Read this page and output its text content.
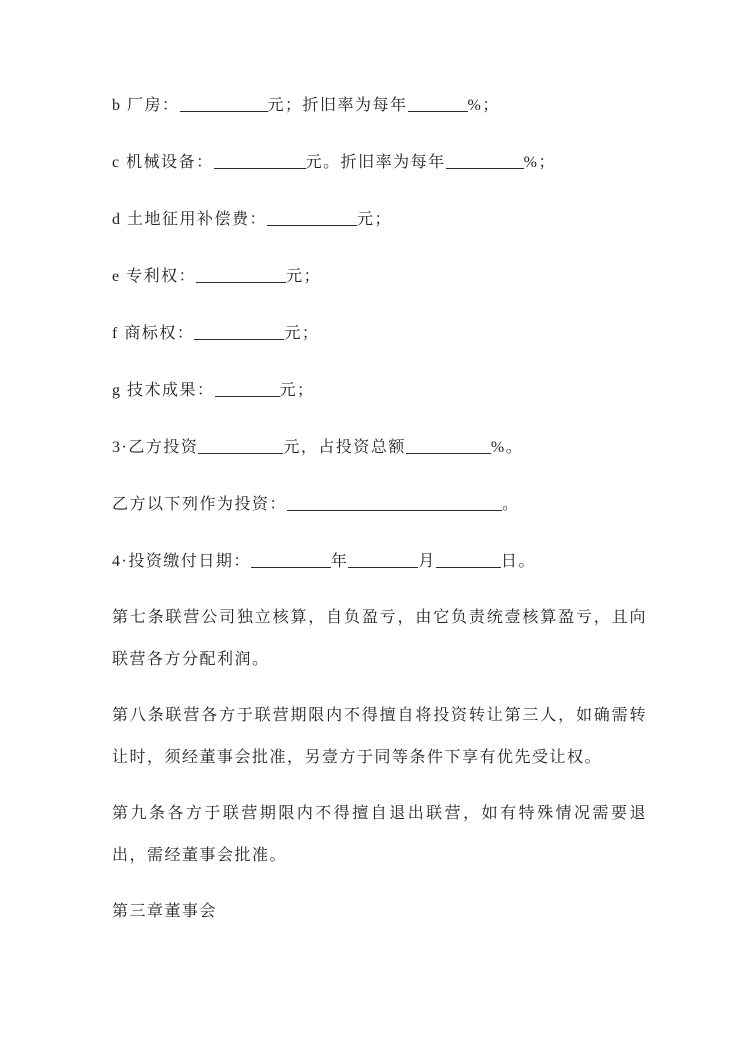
b 厂房：	元；折旧率为每年	%；

c 机械设备：	元。折旧率为每年	%；

d 土地征用补偿费：	元；

e 专利权：	元；

f 商标权：	元；

g 技术成果：	元；

3·乙方投资	元，占投资总额	%。

乙方以下列作为投资：	。

4·投资缴付日期：	年	月	日。

第七条联营公司独立核算，自负盈亏，由它负责统壹核算盈亏，且向联营各方分配利润。

第八条联营各方于联营期限内不得擅自将投资转让第三人，如确需转让时，须经董事会批准，另壹方于同等条件下享有优先受让权。

第九条各方于联营期限内不得擅自退出联营，如有特殊情况需要退出，需经董事会批准。

第三章董事会
